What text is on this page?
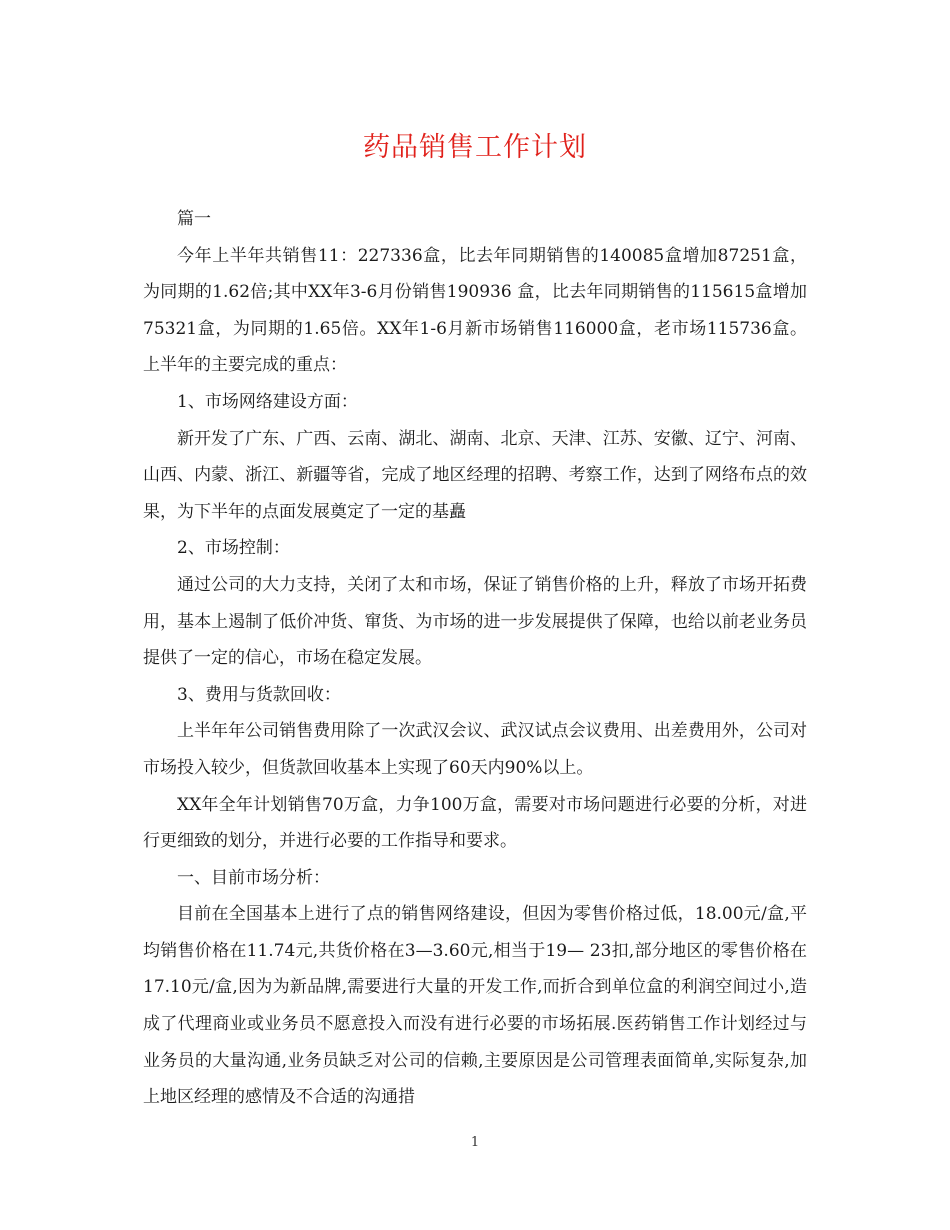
药品销售工作计划

篇一

今年上半年共销售11：227336盒，比去年同期销售的140085盒增加87251盒，为同期的1.62倍;其中XX年3-6月份销售190936 盒，比去年同期销售的115615盒增加75321盒，为同期的1.65倍。XX年1-6月新市场销售116000盒，老市场115736盒。 上半年的主要完成的重点：

1、市场网络建设方面：

新开发了广东、广西、云南、湖北、湖南、北京、天津、江苏、安徽、辽宁、河南、山西、内蒙、浙江、新疆等省，完成了地区经理的招聘、考察工作，达到了网络布点的效果，为下半年的点面发展奠定了一定的基矗

2、市场控制：

通过公司的大力支持，关闭了太和市场，保证了销售价格的上升，释放了市场开拓费用，基本上遏制了低价冲货、窜货、为市场的进一步发展提供了保障，也给以前老业务员提供了一定的信心，市场在稳定发展。

3、费用与货款回收：

上半年年公司销售费用除了一次武汉会议、武汉试点会议费用、出差费用外，公司对市场投入较少，但货款回收基本上实现了60天内90%以上。

XX年全年计划销售70万盒，力争100万盒，需要对市场问题进行必要的分析，对进行更细致的划分，并进行必要的工作指导和要求。

一、目前市场分析：

目前在全国基本上进行了点的销售网络建设，但因为零售价格过低，18.00元/盒,平均销售价格在11.74元,共货价格在3—3.60元,相当于19— 23扣,部分地区的零售价格在17.10元/盒,因为为新品牌,需要进行大量的开发工作,而折合到单位盒的利润空间过小,造成了代理商业或业务员不愿意投入而没有进行必要的市场拓展.医药销售工作计划经过与业务员的大量沟通,业务员缺乏对公司的信赖,主要原因是公司管理表面简单,实际复杂,加上地区经理的感情及不合适的沟通措

1
